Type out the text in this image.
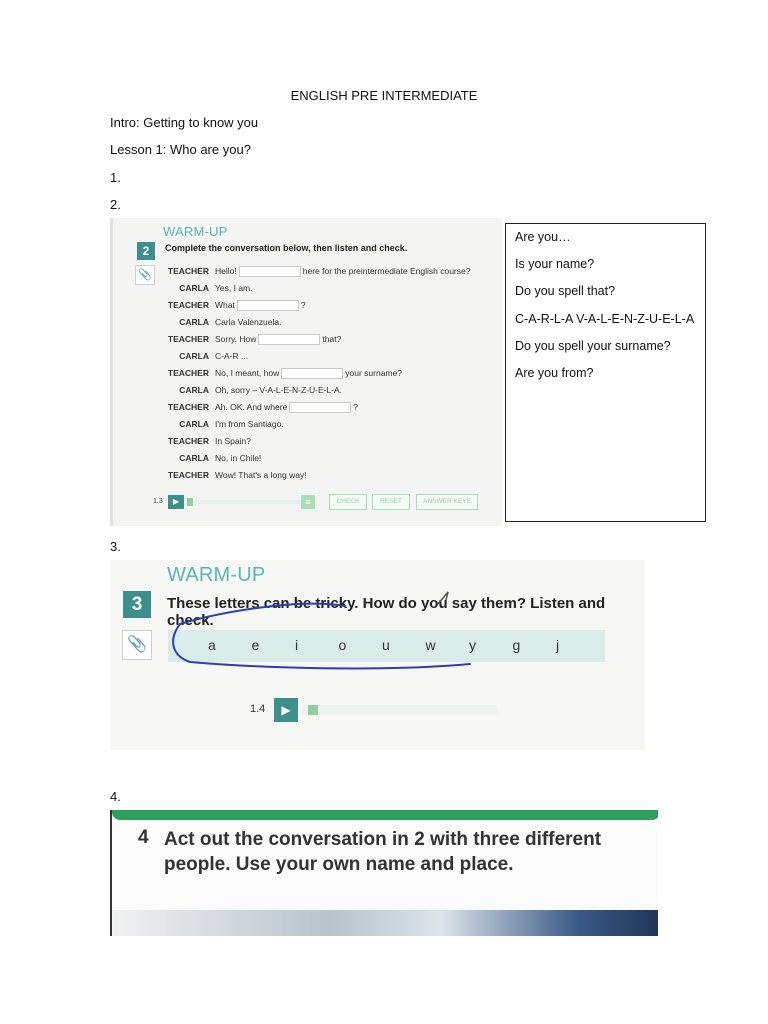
ENGLISH PRE INTERMEDIATE
Intro: Getting to know you
Lesson 1: Who are you?
1.
2.
3.
4.
WARM-UP
2	Complete the conversation below, then listen and check.
📎	TEACHER Hello!	here for the preintermediate English course?
CARLA Yes, I am.
TEACHER What	?
CARLA Carla Valenzuela.
TEACHER Sorry. How	that?
CARLA C-A-R ...
TEACHER No, I meant, how	your surname?
CARLA Oh, sorry – V-A-L-E-N-Z-U-E-L-A.
TEACHER Ah. OK. And where	?
CARLA I'm from Santiago.
TEACHER In Spain?
CARLA No, in Chile!
TEACHER Wow! That's a long way!
1.3	▶	≡	CHECK	RESET	ANSWER KEYS
Are you…
Is your name?
Do you spell that?
C-A-R-L-A V-A-L-E-N-Z-U-E-L-A
Do you spell your surname?
Are you from?
WARM-UP
3	These letters can be tricky. How do you say them? Listen and check.
📎	a	e	i	o	u	w y	g	j
1.4	▶
4 Act out the conversation in 2 with three different people. Use your own name and place.
